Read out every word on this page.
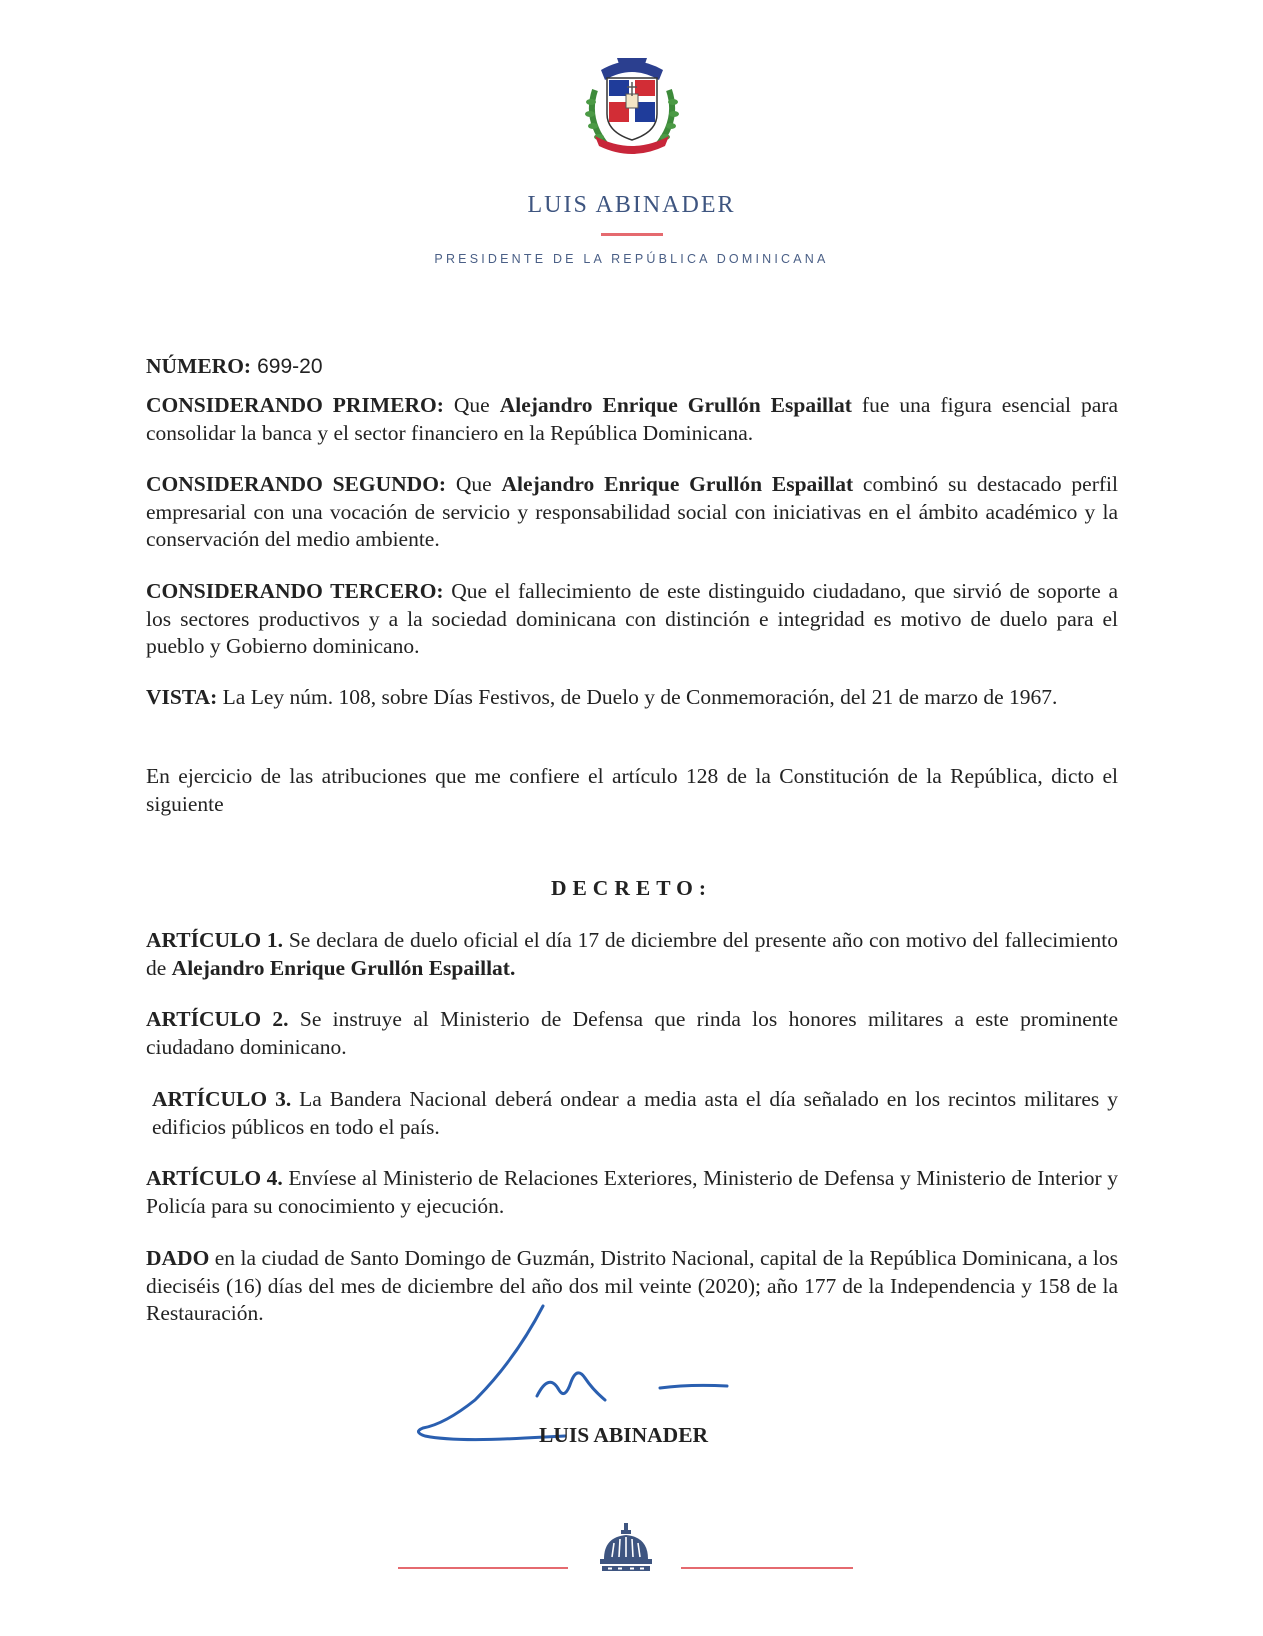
LUIS ABINADER
PRESIDENTE DE LA REPÚBLICA DOMINICANA
NÚMERO: 699-20

CONSIDERANDO PRIMERO: Que Alejandro Enrique Grullón Espaillat fue una figura esencial para consolidar la banca y el sector financiero en la República Dominicana.

CONSIDERANDO SEGUNDO: Que Alejandro Enrique Grullón Espaillat combinó su destacado perfil empresarial con una vocación de servicio y responsabilidad social con iniciativas en el ámbito académico y la conservación del medio ambiente.

CONSIDERANDO TERCERO: Que el fallecimiento de este distinguido ciudadano, que sirvió de soporte a los sectores productivos y a la sociedad dominicana con distinción e integridad es motivo de duelo para el pueblo y Gobierno dominicano.

VISTA: La Ley núm. 108, sobre Días Festivos, de Duelo y de Conmemoración, del 21 de marzo de 1967.

En ejercicio de las atribuciones que me confiere el artículo 128 de la Constitución de la República, dicto el siguiente

DECRETO:

ARTÍCULO 1. Se declara de duelo oficial el día 17 de diciembre del presente año con motivo del fallecimiento de Alejandro Enrique Grullón Espaillat.

ARTÍCULO 2. Se instruye al Ministerio de Defensa que rinda los honores militares a este prominente ciudadano dominicano.

ARTÍCULO 3. La Bandera Nacional deberá ondear a media asta el día señalado en los recintos militares y edificios públicos en todo el país.

ARTÍCULO 4. Envíese al Ministerio de Relaciones Exteriores, Ministerio de Defensa y Ministerio de Interior y Policía para su conocimiento y ejecución.

DADO en la ciudad de Santo Domingo de Guzmán, Distrito Nacional, capital de la República Dominicana, a los dieciséis (16) días del mes de diciembre del año dos mil veinte (2020); año 177 de la Independencia y 158 de la Restauración.

LUIS ABINADER
